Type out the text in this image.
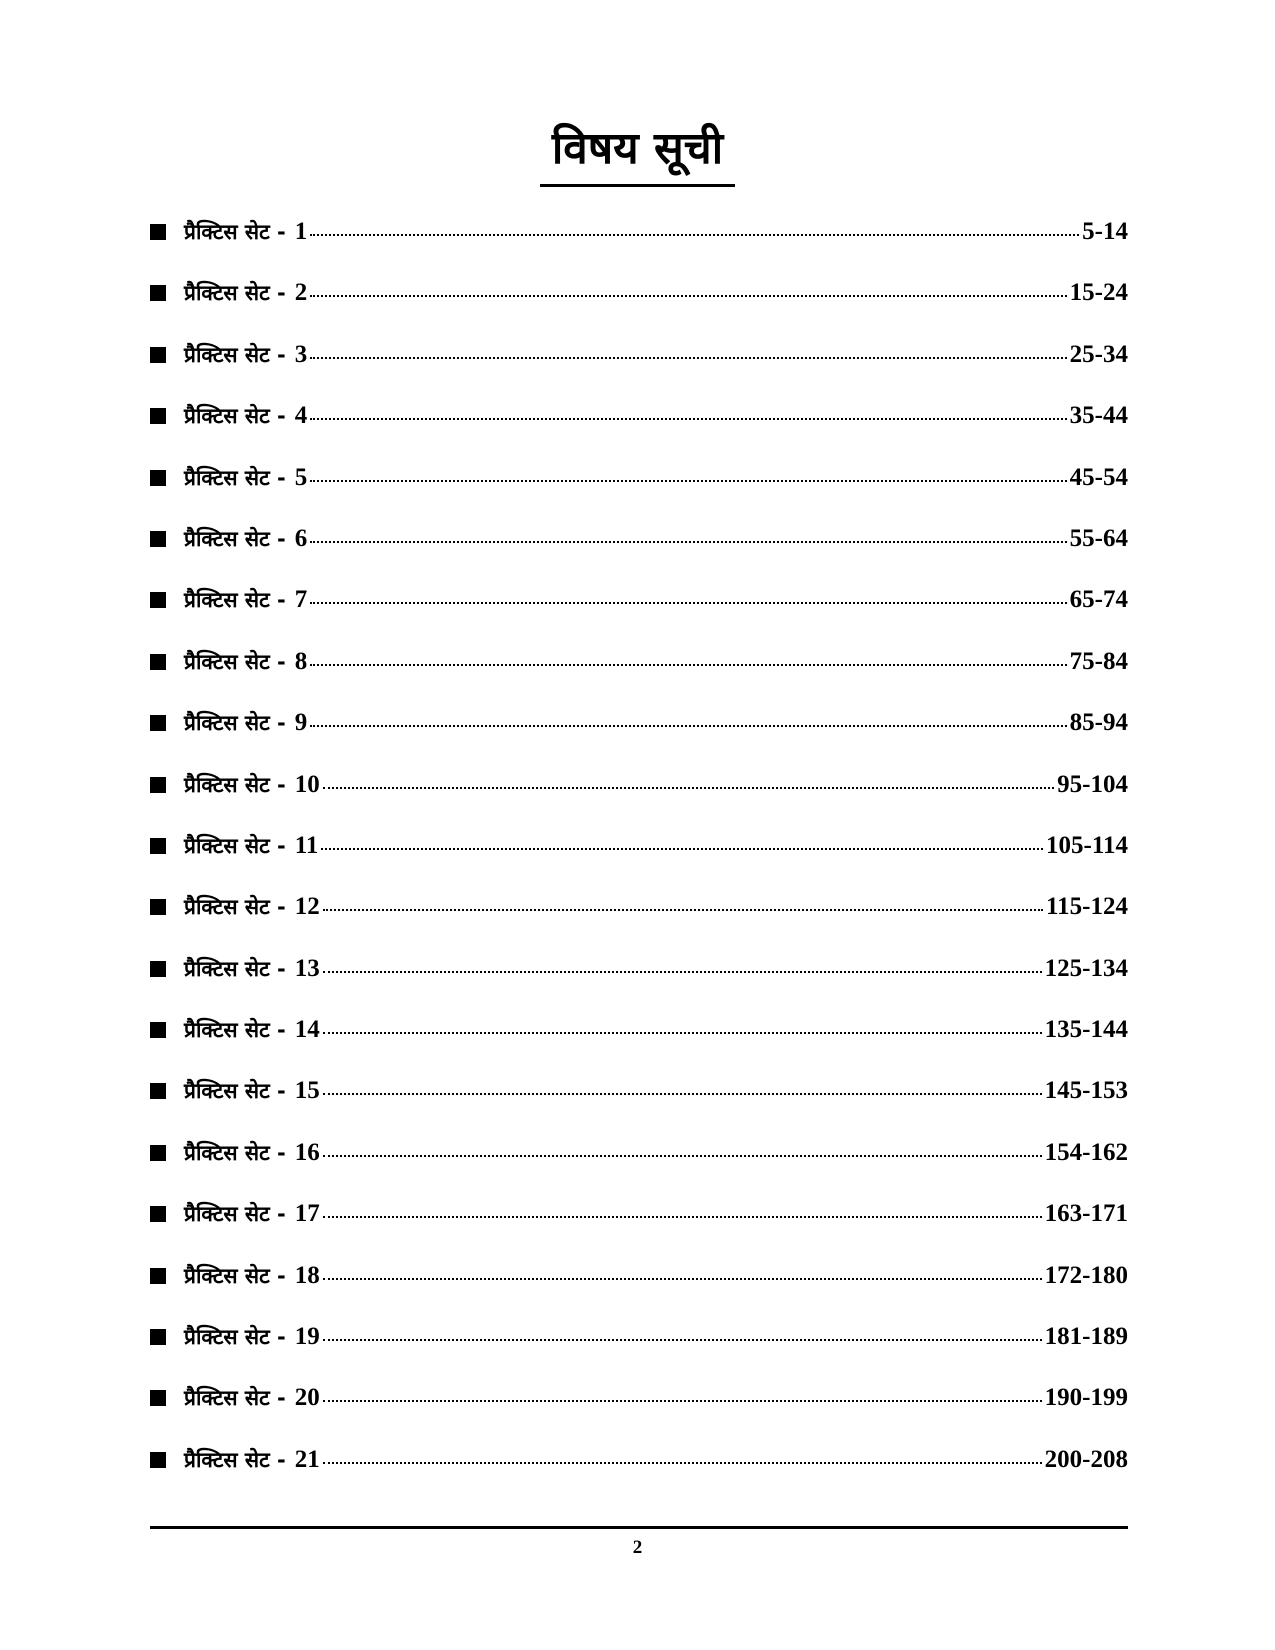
विषय सूची
प्रैक्टिस सेट - 1	5-14
प्रैक्टिस सेट - 2	15-24
प्रैक्टिस सेट - 3	25-34
प्रैक्टिस सेट - 4	35-44
प्रैक्टिस सेट - 5	45-54
प्रैक्टिस सेट - 6	55-64
प्रैक्टिस सेट - 7	65-74
प्रैक्टिस सेट - 8	75-84
प्रैक्टिस सेट - 9	85-94
प्रैक्टिस सेट - 10	95-104
प्रैक्टिस सेट - 11	105-114
प्रैक्टिस सेट - 12	115-124
प्रैक्टिस सेट - 13	125-134
प्रैक्टिस सेट - 14	135-144
प्रैक्टिस सेट - 15	145-153
प्रैक्टिस सेट - 16	154-162
प्रैक्टिस सेट - 17	163-171
प्रैक्टिस सेट - 18	172-180
प्रैक्टिस सेट - 19	181-189
प्रैक्टिस सेट - 20	190-199
प्रैक्टिस सेट - 21	200-208
2
